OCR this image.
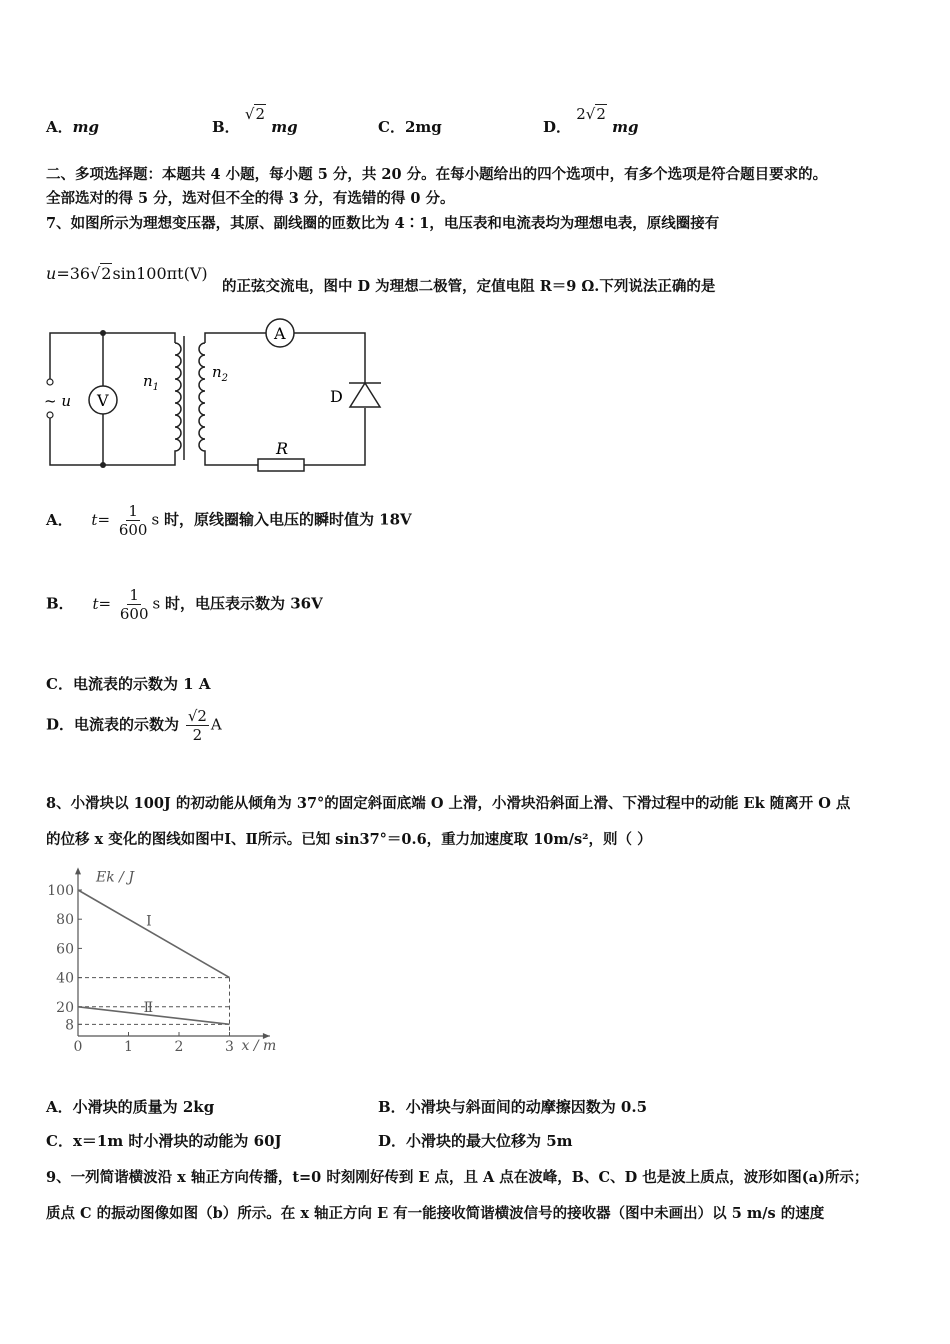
A．mg	B． √2 mg	C．2mg	D． 2√2 mg
二、多项选择题：本题共 4 小题，每小题 5 分，共 20 分。在每小题给出的四个选项中，有多个选项是符合题目要求的。
全部选对的得 5 分，选对但不全的得 3 分，有选错的得 0 分。
7、如图所示为理想变压器，其原、副线圈的匝数比为 4∶1，电压表和电流表均为理想电表，原线圈接有
u=36√2sin100πt(V)
的正弦交流电，图中 D 为理想二极管，定值电阻 R＝9 Ω.下列说法正确的是
~ u V
A
$n_1$
$n_2$
D
R
A． $t= \frac{1}{600}$ s 时，原线圈输入电压的瞬时值为 18V
B． $t= \frac{1}{600}$ s 时，电压表示数为 36V
C．电流表的示数为 1 A
D．电流表的示数为 $\frac{√2}{2}$ A
8、小滑块以 100J 的初动能从倾角为 37°的固定斜面底端 O 上滑，小滑块沿斜面上滑、下滑过程中的动能 Ek 随离开 O 点
的位移 x 变化的图线如图中Ⅰ、Ⅱ所示。已知 sin37°＝0.6，重力加速度取 10m/s²，则（ ）
Ek / J
x / m
100
80
60
40
20
8
0	1	2	3
Ⅰ
Ⅱ
A．小滑块的质量为 2kg	B．小滑块与斜面间的动摩擦因数为 0.5
C．x＝1m 时小滑块的动能为 60J	D．小滑块的最大位移为 5m
9、一列简谐横波沿 x 轴正方向传播，t=0 时刻刚好传到 E 点，且 A 点在波峰，B、C、D 也是波上质点，波形如图(a)所示；
质点 C 的振动图像如图（b）所示。在 x 轴正方向 E 有一能接收简谐横波信号的接收器（图中未画出）以 5 m/s 的速度
